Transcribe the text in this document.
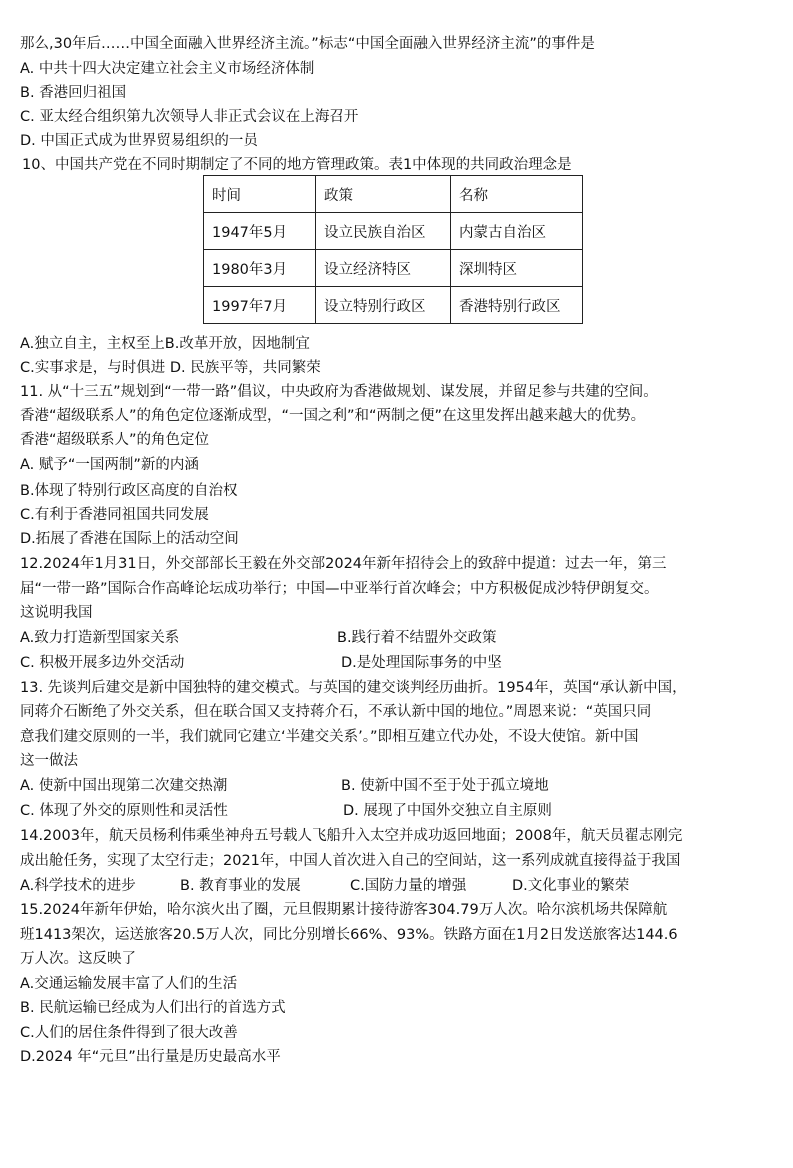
那么,30年后……中国全面融入世界经济主流。”标志“中国全面融入世界经济主流”的事件是
A. 中共十四大决定建立社会主义市场经济体制
B. 香港回归祖国
C. 亚太经合组织第九次领导人非正式会议在上海召开
D. 中国正式成为世界贸易组织的一员
10、中国共产党在不同时期制定了不同的地方管理政策。表1中体现的共同政治理念是
时间	政策	名称
1947年5月	设立民族自治区	内蒙古自治区
1980年3月	设立经济特区	深圳特区
1997年7月	设立特别行政区	香港特别行政区
A.独立自主，主权至上B.改革开放，因地制宜
C.实事求是，与时俱进 D. 民族平等，共同繁荣
11. 从“十三五”规划到“一带一路”倡议，中央政府为香港做规划、谋发展，并留足参与共建的空间。
香港“超级联系人”的角色定位逐渐成型，“一国之利”和“两制之便”在这里发挥出越来越大的优势。
香港“超级联系人”的角色定位
A. 赋予“一国两制”新的内涵
B.体现了特别行政区高度的自治权
C.有利于香港同祖国共同发展
D.拓展了香港在国际上的活动空间
12.2024年1月31日，外交部部长王毅在外交部2024年新年招待会上的致辞中提道：过去一年，第三
届“一带一路”国际合作高峰论坛成功举行；中国—中亚举行首次峰会；中方积极促成沙特伊朗复交。
这说明我国
A.致力打造新型国家关系	B.践行着不结盟外交政策
C. 积极开展多边外交活动	D.是处理国际事务的中坚
13. 先谈判后建交是新中国独特的建交模式。与英国的建交谈判经历曲折。1954年，英国“承认新中国，
同蒋介石断绝了外交关系，但在联合国又支持蒋介石，不承认新中国的地位。”周恩来说：“英国只同
意我们建交原则的一半，我们就同它建立‘半建交关系’。”即相互建立代办处，不设大使馆。新中国
这一做法
A. 使新中国出现第二次建交热潮	B. 使新中国不至于处于孤立境地
C. 体现了外交的原则性和灵活性	D. 展现了中国外交独立自主原则
14.2003年，航天员杨利伟乘坐神舟五号载人飞船升入太空并成功返回地面；2008年，航天员翟志刚完
成出舱任务，实现了太空行走；2021年，中国人首次进入自己的空间站，这一系列成就直接得益于我国
A.科学技术的进步	B. 教育事业的发展	C.国防力量的增强	D.文化事业的繁荣
15.2024年新年伊始，哈尔滨火出了圈，元旦假期累计接待游客304.79万人次。哈尔滨机场共保障航
班1413架次，运送旅客20.5万人次，同比分别增长66%、93%。铁路方面在1月2日发送旅客达144.6
万人次。这反映了
A.交通运输发展丰富了人们的生活
B. 民航运输已经成为人们出行的首选方式
C.人们的居住条件得到了很大改善
D.2024 年“元旦”出行量是历史最高水平
